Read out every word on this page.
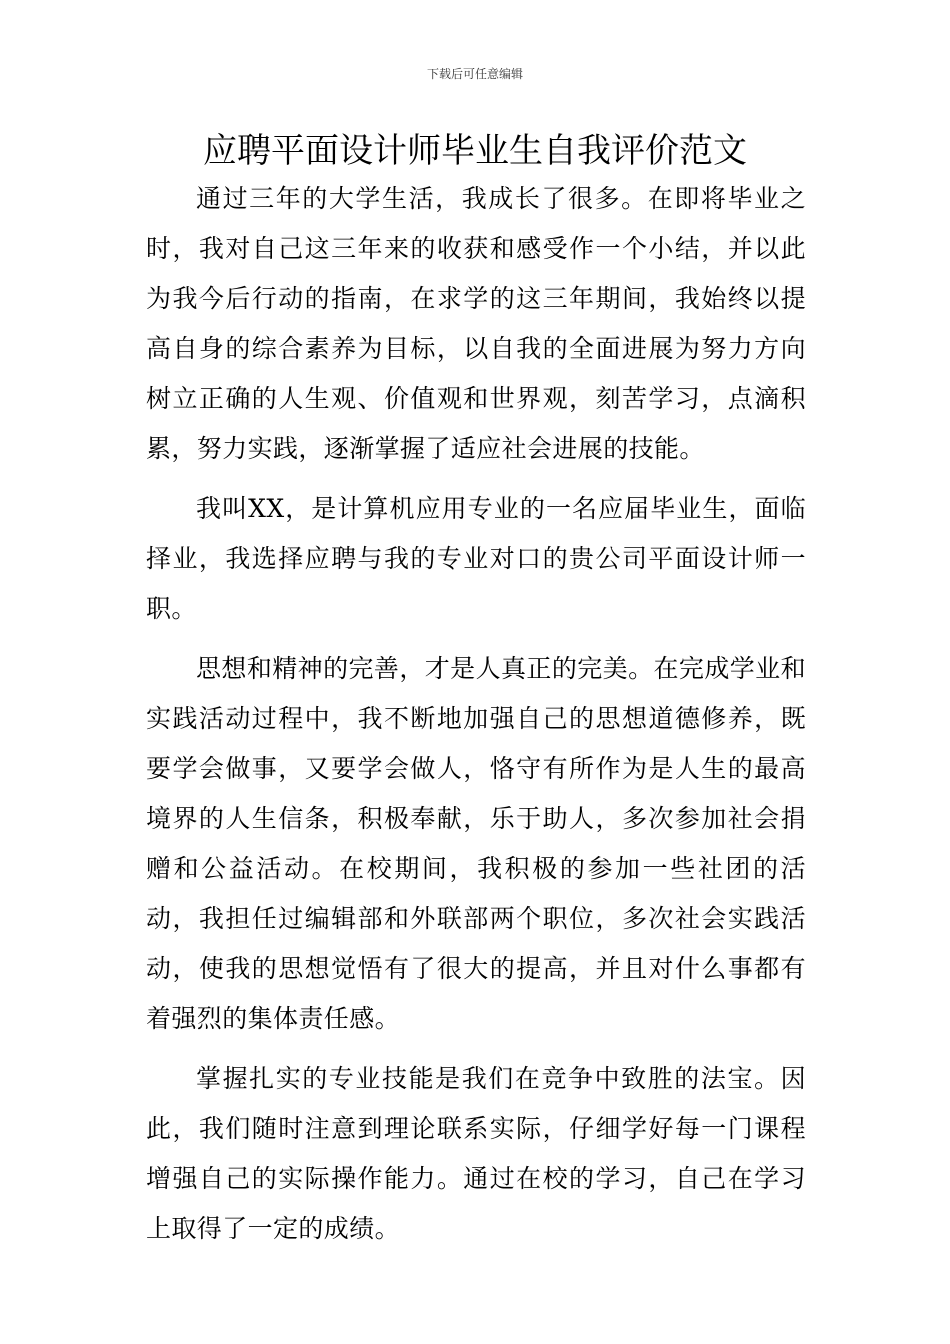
下载后可任意编辑
应聘平面设计师毕业生自我评价范文

通过三年的大学生活，我成长了很多。在即将毕业之时，我对自己这三年来的收获和感受作一个小结，并以此为我今后行动的指南，在求学的这三年期间，我始终以提高自身的综合素养为目标，以自我的全面进展为努力方向树立正确的人生观、价值观和世界观，刻苦学习，点滴积累，努力实践，逐渐掌握了适应社会进展的技能。

我叫XX，是计算机应用专业的一名应届毕业生，面临择业，我选择应聘与我的专业对口的贵公司平面设计师一职。

思想和精神的完善，才是人真正的完美。在完成学业和实践活动过程中，我不断地加强自己的思想道德修养，既要学会做事，又要学会做人，恪守有所作为是人生的最高境界的人生信条，积极奉献，乐于助人，多次参加社会捐赠和公益活动。在校期间，我积极的参加一些社团的活动，我担任过编辑部和外联部两个职位，多次社会实践活动，使我的思想觉悟有了很大的提高，并且对什么事都有着强烈的集体责任感。

掌握扎实的专业技能是我们在竞争中致胜的法宝。因此，我们随时注意到理论联系实际，仔细学好每一门课程增强自己的实际操作能力。通过在校的学习，自己在学习上取得了一定的成绩。
